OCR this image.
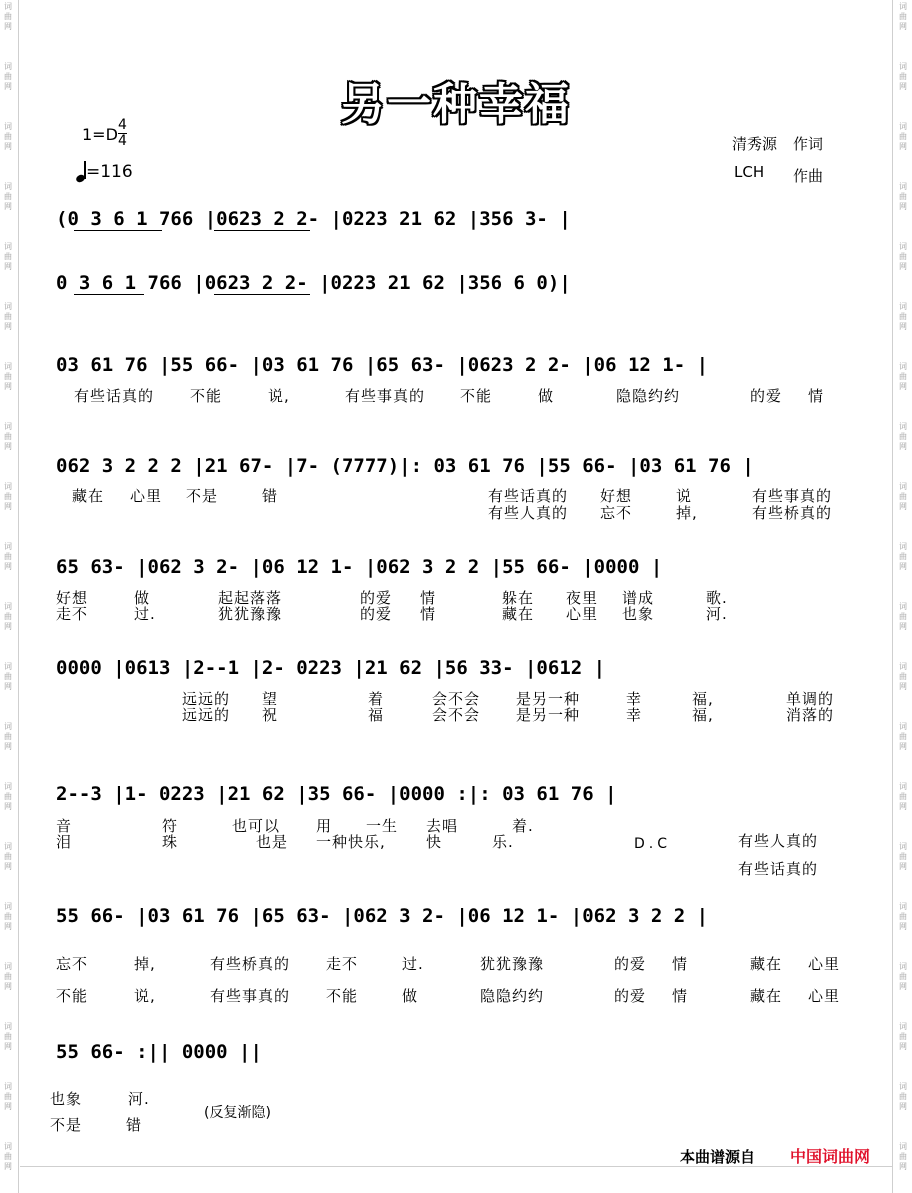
词曲网
词曲网
词曲网
词曲网
词曲网
词曲网
词曲网
词曲网
词曲网
词曲网
词曲网
词曲网
词曲网
词曲网
词曲网
词曲网
词曲网
词曲网
词曲网
词曲网
词曲网
词曲网
词曲网
词曲网
词曲网
词曲网
词曲网
词曲网
词曲网
词曲网
词曲网
词曲网
词曲网
词曲网
词曲网
词曲网
词曲网
词曲网
词曲网
词曲网
另一种幸福
$1=D \frac{4}{4}$
=116
清秀源 作词
LCH 作曲
(0 3 6 1 766 |0623 2 2- |0223 21 62 |356 3- |
0 3 6 1 766 |0623 2 2- |0223 21 62 |356 6 0)|
03 61 76 |55 66- |03 61 76 |65 63- |0623 2 2- |06 12 1- |
有些话真的 不能	说,	有些事真的 不能	做	隐隐约约	的爱 情
062 3 2 2 2 |21 67- |7- (7777)|: 03 61 76 |55 66- |03 61 76 |
藏在 心里 不是	错	有些话真的 好想	说	有些事真的
有些人真的 忘不	掉,	有些桥真的
65 63- |062 3 2- |06 12 1- |062 3 2 2 |55 66- |0000 |
好想	做	起起落落	的爱 情	躲在 夜里 谱成	歌.
走不	过.	犹犹豫豫	的爱 情	藏在 心里 也象	河.
0000 |0613 |2--1 |2- 0223 |21 62 |56 33- |0612 |
远远的 望	着	会不会 是另一种	幸	福,	单调的
远远的 祝	福	会不会 是另一种	幸	福,	消落的
2--3 |1- 0223 |21 62 |35 66- |0000 :|: 03 61 76 |
音	符	也可以 用 一生 去唱	着.
泪	珠	也是 一种快乐,	快	乐.	D.C	有些人真的
有些话真的
55 66- |03 61 76 |65 63- |062 3 2- |06 12 1- |062 3 2 2 |
忘不	掉,	有些桥真的 走不	过.	犹犹豫豫	的爱 情	藏在 心里
不能	说,	有些事真的 不能	做	隐隐约约	的爱 情	藏在 心里
55 66- :|| 0000 ||
也象	河.
不是	错
(反复渐隐)
本曲谱源自 中国词曲网
